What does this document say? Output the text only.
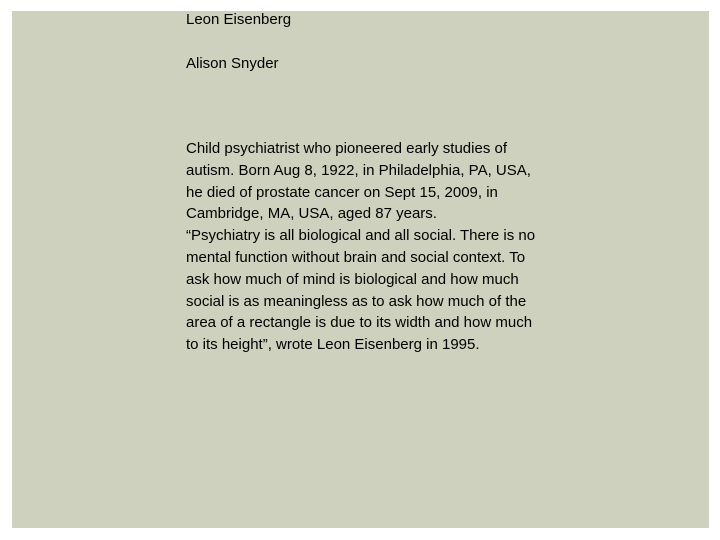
Leon Eisenberg
Alison Snyder

Child psychiatrist who pioneered early studies of autism. Born Aug 8, 1922, in Philadelphia, PA, USA, he died of prostate cancer on Sept 15, 2009, in Cambridge, MA, USA, aged 87 years.

“Psychiatry is all biological and all social. There is no mental function without brain and social context. To ask how much of mind is biological and how much social is as meaningless as to ask how much of the area of a rectangle is due to its width and how much to its height”, wrote Leon Eisenberg in 1995.
